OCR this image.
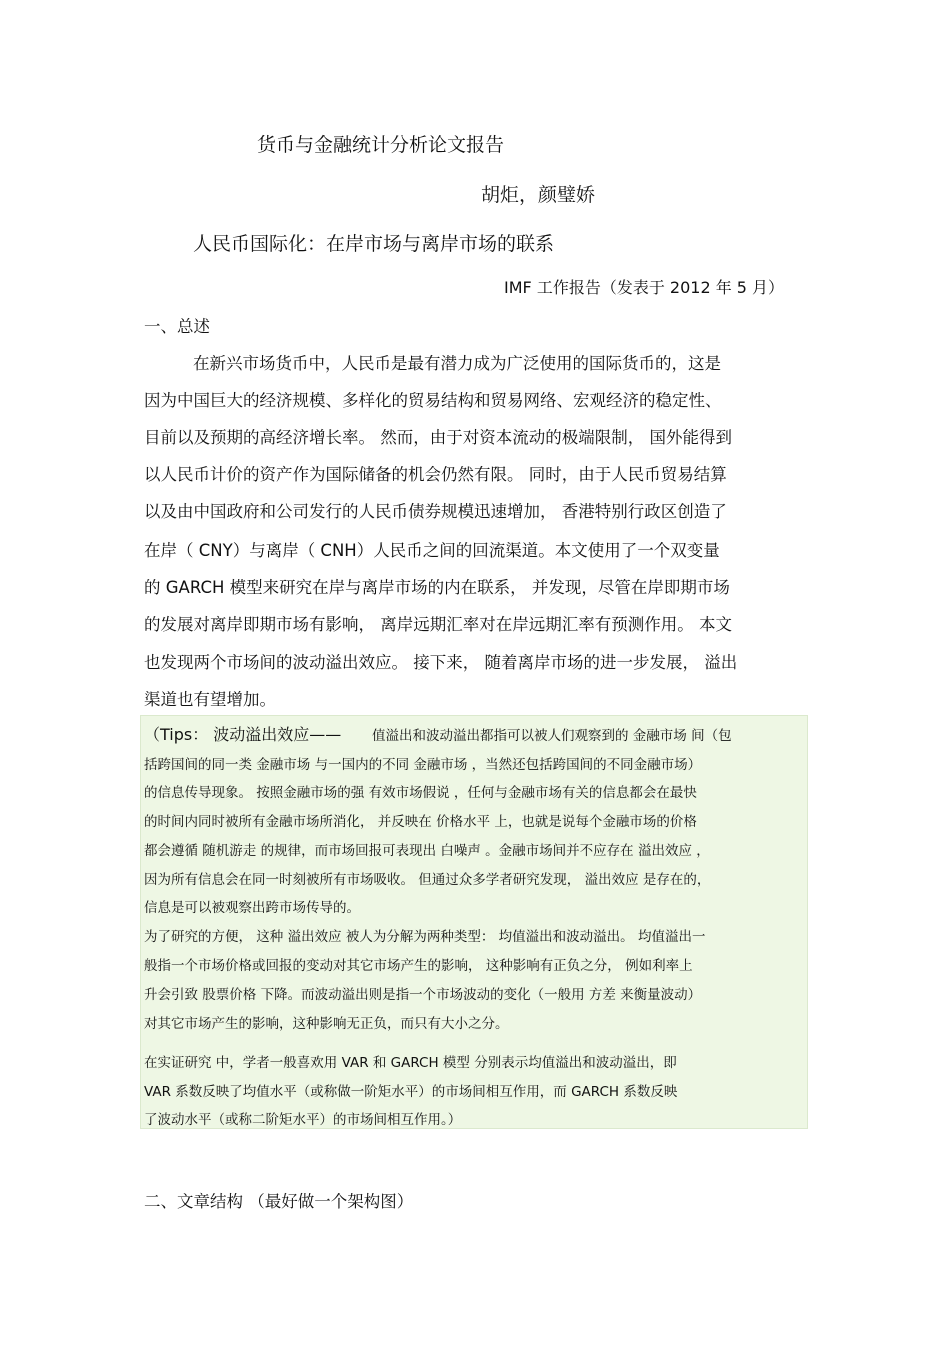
货币与金融统计分析论文报告
胡炬，颜璧娇
人民币国际化：在岸市场与离岸市场的联系
IMF 工作报告（发表于 2012 年 5 月）
一、总述
在新兴市场货币中，人民币是最有潜力成为广泛使用的国际货币的，这是
因为中国巨大的经济规模、多样化的贸易结构和贸易网络、宏观经济的稳定性、
目前以及预期的高经济增长率。 然而，由于对资本流动的极端限制， 国外能得到
以人民币计价的资产作为国际储备的机会仍然有限。 同时，由于人民币贸易结算
以及由中国政府和公司发行的人民币债券规模迅速增加， 香港特别行政区创造了
在岸（ CNY）与离岸（ CNH）人民币之间的回流渠道。本文使用了一个双变量
的 GARCH 模型来研究在岸与离岸市场的内在联系， 并发现，尽管在岸即期市场
的发展对离岸即期市场有影响， 离岸远期汇率对在岸远期汇率有预测作用。 本文
也发现两个市场间的波动溢出效应。 接下来， 随着离岸市场的进一步发展， 溢出
渠道也有望增加。
（Tips： 波动溢出效应—— 值溢出和波动溢出都指可以被人们观察到的 金融市场 间（包
括跨国间的同一类 金融市场 与一国内的不同 金融市场 ，当然还包括跨国间的不同金融市场）
的信息传导现象。 按照金融市场的强 有效市场假说 ，任何与金融市场有关的信息都会在最快
的时间内同时被所有金融市场所消化， 并反映在 价格水平 上，也就是说每个金融市场的价格
都会遵循 随机游走 的规律，而市场回报可表现出 白噪声 。金融市场间并不应存在 溢出效应 ，
因为所有信息会在同一时刻被所有市场吸收。 但通过众多学者研究发现， 溢出效应 是存在的，
信息是可以被观察出跨市场传导的。
为了研究的方便， 这种 溢出效应 被人为分解为两种类型： 均值溢出和波动溢出。 均值溢出一
般指一个市场价格或回报的变动对其它市场产生的影响， 这种影响有正负之分， 例如利率上
升会引致 股票价格 下降。而波动溢出则是指一个市场波动的变化（一般用 方差 来衡量波动）
对其它市场产生的影响，这种影响无正负，而只有大小之分。
在实证研究 中，学者一般喜欢用 VAR 和 GARCH 模型 分别表示均值溢出和波动溢出，即
VAR 系数反映了均值水平（或称做一阶矩水平）的市场间相互作用，而 GARCH 系数反映
了波动水平（或称二阶矩水平）的市场间相互作用。）
二、文章结构 （最好做一个架构图）
